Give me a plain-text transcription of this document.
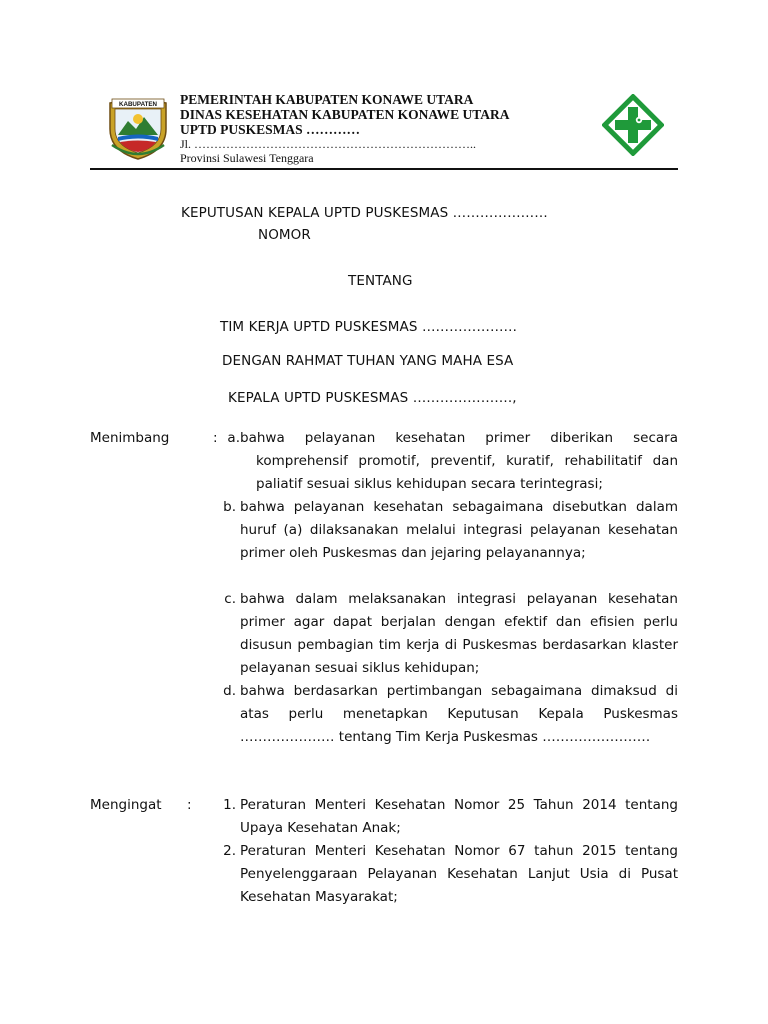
KABUPATEN PEMERINTAH KABUPATEN KONAWE UTARA
DINAS KESEHATAN KABUPATEN KONAWE UTARA
UPTD PUSKESMAS …………
Jl. ……………………………………………………………..
Provinsi Sulawesi Tenggara
KEPUTUSAN KEPALA UPTD PUSKESMAS …………………
NOMOR
TENTANG
TIM KERJA UPTD PUSKESMAS …………………
DENGAN RAHMAT TUHAN YANG MAHA ESA
KEPALA UPTD PUSKESMAS ………………….,
Menimbang	: a. bahwa pelayanan kesehatan primer diberikan secara komprehensif promotif, preventif, kuratif, rehabilitatif dan paliatif sesuai siklus kehidupan secara terintegrasi;
b. bahwa pelayanan kesehatan sebagaimana disebutkan dalam huruf (a) dilaksanakan melalui integrasi pelayanan kesehatan primer oleh Puskesmas dan jejaring pelayanannya;
c. bahwa dalam melaksanakan integrasi pelayanan kesehatan primer agar dapat berjalan dengan efektif dan efisien perlu disusun pembagian tim kerja di Puskesmas berdasarkan klaster pelayanan sesuai siklus kehidupan;
d. bahwa berdasarkan pertimbangan sebagaimana dimaksud di atas perlu menetapkan Keputusan Kepala Puskesmas ………………… tentang Tim Kerja Puskesmas ……………………
Mengingat :	1. Peraturan Menteri Kesehatan Nomor 25 Tahun 2014 tentang Upaya Kesehatan Anak;
2. Peraturan Menteri Kesehatan Nomor 67 tahun 2015 tentang Penyelenggaraan Pelayanan Kesehatan Lanjut Usia di Pusat Kesehatan Masyarakat;
